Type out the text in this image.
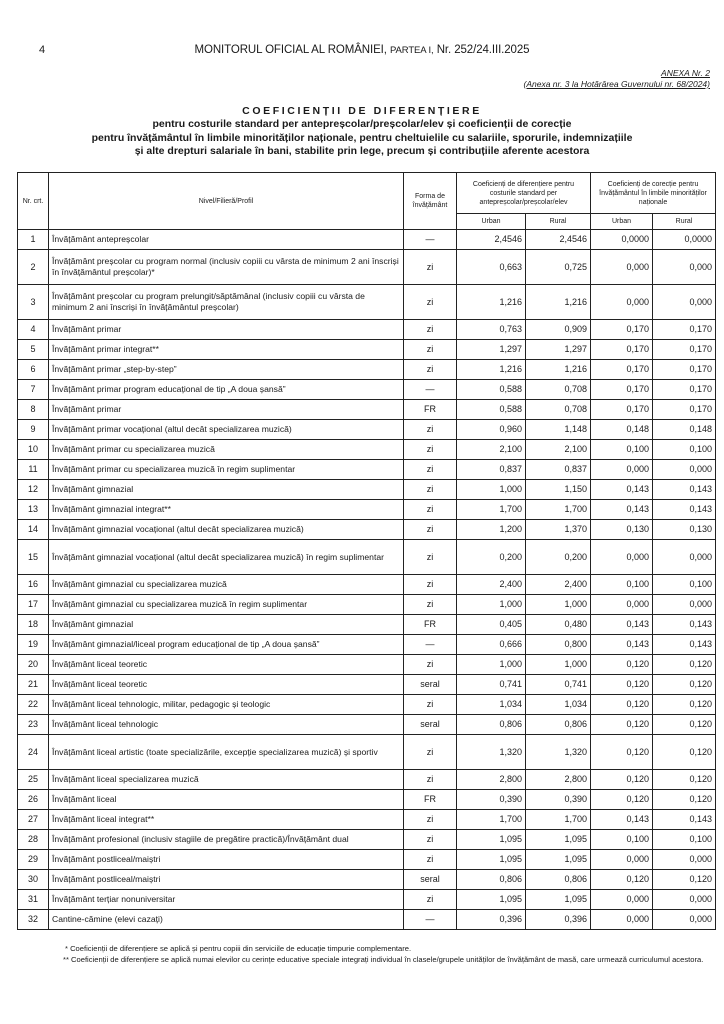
4	MONITORUL OFICIAL AL ROMÂNIEI, PARTEA I, Nr. 252/24.III.2025
ANEXA Nr. 2
(Anexa nr. 3 la Hotărârea Guvernului nr. 68/2024)
COEFICIENȚII DE DIFERENȚIERE
pentru costurile standard per antepreșcolar/preșcolar/elev și coeficienții de corecție
pentru învățământul în limbile minorităților naționale, pentru cheltuielile cu salariile, sporurile, indemnizațiile
și alte drepturi salariale în bani, stabilite prin lege, precum și contribuțiile aferente acestora
Nr. crt.	Nivel/Filieră/Profil	Forma de învățământ	Coeficienți de diferențiere pentru costurile standard per antepreșcolar/preșcolar/elev		Coeficienți de corecție pentru învățământul în limbile minorităților naționale	
			Urban	Rural	Urban	Rural
1	Învățământ antepreșcolar	—	2,4546	2,4546	0,0000	0,0000
2	Învățământ preșcolar cu program normal (inclusiv copiii cu vârsta de minimum 2 ani înscriși în învățământul preșcolar)*	zi	0,663	0,725	0,000	0,000
3	Învățământ preșcolar cu program prelungit/săptămânal (inclusiv copiii cu vârsta de minimum 2 ani înscriși în învățământul preșcolar)	zi	1,216	1,216	0,000	0,000
4	Învățământ primar	zi	0,763	0,909	0,170	0,170
5	Învățământ primar integrat**	zi	1,297	1,297	0,170	0,170
6	Învățământ primar „step-by-step”	zi	1,216	1,216	0,170	0,170
7	Învățământ primar program educațional de tip „A doua șansă”	—	0,588	0,708	0,170	0,170
8	Învățământ primar	FR	0,588	0,708	0,170	0,170
9	Învățământ primar vocațional (altul decât specializarea muzică)	zi	0,960	1,148	0,148	0,148
10	Învățământ primar cu specializarea muzică	zi	2,100	2,100	0,100	0,100
11	Învățământ primar cu specializarea muzică în regim suplimentar	zi	0,837	0,837	0,000	0,000
12	Învățământ gimnazial	zi	1,000	1,150	0,143	0,143
13	Învățământ gimnazial integrat**	zi	1,700	1,700	0,143	0,143
14	Învățământ gimnazial vocațional (altul decât specializarea muzică)	zi	1,200	1,370	0,130	0,130
15	Învățământ gimnazial vocațional (altul decât specializarea muzică) în regim suplimentar	zi	0,200	0,200	0,000	0,000
16	Învățământ gimnazial cu specializarea muzică	zi	2,400	2,400	0,100	0,100
17	Învățământ gimnazial cu specializarea muzică în regim suplimentar	zi	1,000	1,000	0,000	0,000
18	Învățământ gimnazial	FR	0,405	0,480	0,143	0,143
19	Învățământ gimnazial/liceal program educațional de tip „A doua șansă”	—	0,666	0,800	0,143	0,143
20	Învățământ liceal teoretic	zi	1,000	1,000	0,120	0,120
21	Învățământ liceal teoretic	seral	0,741	0,741	0,120	0,120
22	Învățământ liceal tehnologic, militar, pedagogic și teologic	zi	1,034	1,034	0,120	0,120
23	Învățământ liceal tehnologic	seral	0,806	0,806	0,120	0,120
24	Învățământ liceal artistic (toate specializările, excepție specializarea muzică) și sportiv	zi	1,320	1,320	0,120	0,120
25	Învățământ liceal specializarea muzică	zi	2,800	2,800	0,120	0,120
26	Învățământ liceal	FR	0,390	0,390	0,120	0,120
27	Învățământ liceal integrat**	zi	1,700	1,700	0,143	0,143
28	Învățământ profesional (inclusiv stagiile de pregătire practică)/Învățământ dual	zi	1,095	1,095	0,100	0,100
29	Învățământ postliceal/maiștri	zi	1,095	1,095	0,000	0,000
30	Învățământ postliceal/maiștri	seral	0,806	0,806	0,120	0,120
31	Învățământ terțiar nonuniversitar	zi	1,095	1,095	0,000	0,000
32	Cantine-cămine (elevi cazați)	—	0,396	0,396	0,000	0,000

* Coeficienții de diferențiere se aplică și pentru copiii din serviciile de educație timpurie complementare.

** Coeficienții de diferențiere se aplică numai elevilor cu cerințe educative speciale integrați individual în clasele/grupele unităților de învățământ de masă, care urmează curriculumul acestora.
